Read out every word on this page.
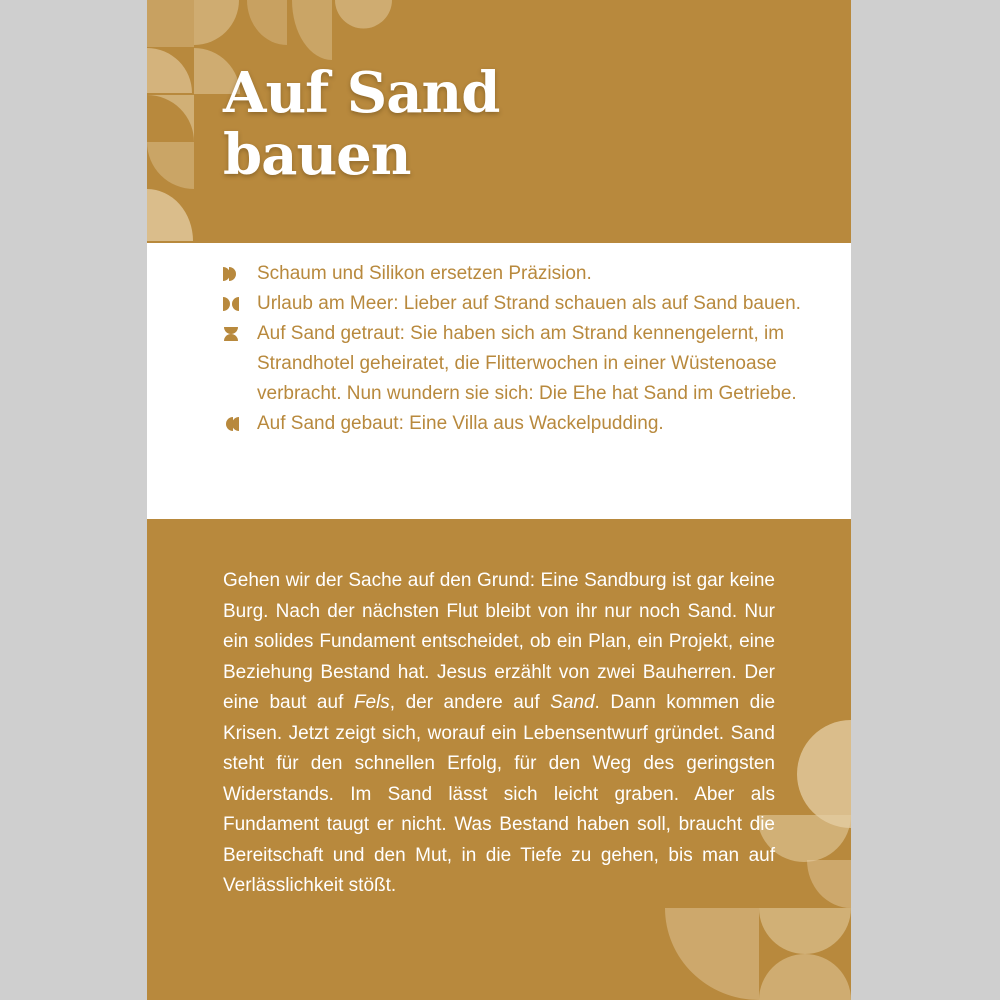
Auf Sand
bauen
Schaum und Silikon ersetzen Präzision.
Urlaub am Meer: Lieber auf Strand schauen als auf Sand bauen.
Auf Sand getraut: Sie haben sich am Strand kennengelernt, im Strandhotel geheiratet, die Flitterwochen in einer Wüstenoase verbracht. Nun wundern sie sich: Die Ehe hat Sand im Getriebe.
Auf Sand gebaut: Eine Villa aus Wackelpudding.

Gehen wir der Sache auf den Grund: Eine Sandburg ist gar keine Burg. Nach der nächsten Flut bleibt von ihr nur noch Sand. Nur ein solides Fundament entscheidet, ob ein Plan, ein Projekt, eine Beziehung Bestand hat. Jesus erzählt von zwei Bauherren. Der eine baut auf Fels, der andere auf Sand. Dann kommen die Krisen. Jetzt zeigt sich, worauf ein Lebensentwurf gründet. Sand steht für den schnellen Erfolg, für den Weg des geringsten Widerstands. Im Sand lässt sich leicht graben. Aber als Fundament taugt er nicht. Was Bestand haben soll, braucht die Bereitschaft und den Mut, in die Tiefe zu gehen, bis man auf Verlässlichkeit stößt.
